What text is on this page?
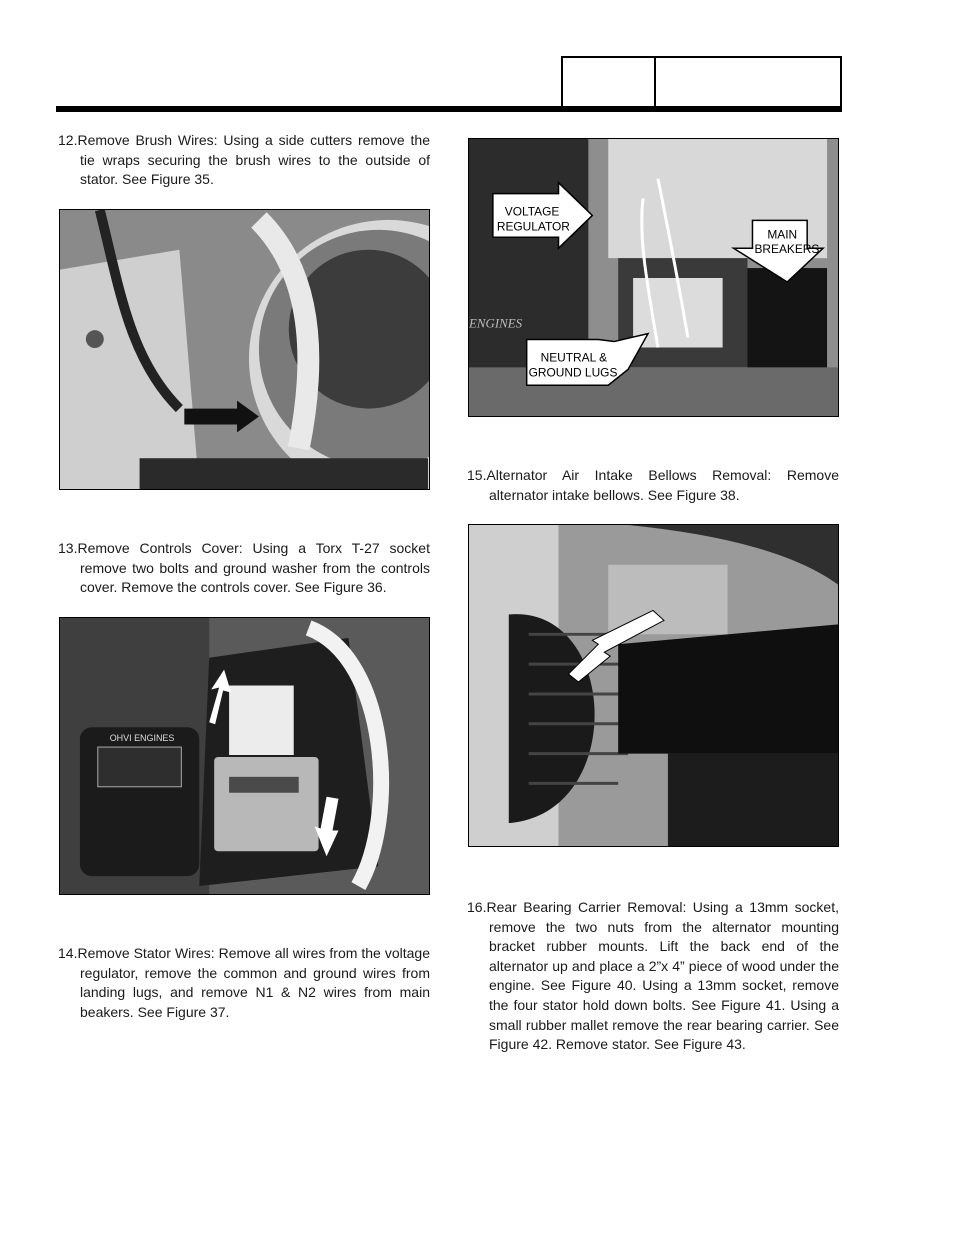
12.Remove Brush Wires: Using a side cutters remove the tie wraps securing the brush wires to the outside of stator. See Figure 35.

13.Remove Controls Cover: Using a Torx T-27 socket remove two bolts and ground washer from the controls cover. Remove the controls cover. See Figure 36.

OHVI ENGINES

14.Remove Stator Wires: Remove all wires from the voltage regulator, remove the common and ground wires from landing lugs, and remove N1 & N2 wires from main beakers. See Figure 37.

ENGINES
VOLTAGE
REGULATOR
MAIN
BREAKERS
NEUTRAL &
GROUND LUGS

15.Alternator Air Intake Bellows Removal: Remove alternator intake bellows. See Figure 38.

16.Rear Bearing Carrier Removal: Using a 13mm socket, remove the two nuts from the alternator mounting bracket rubber mounts. Lift the back end of the alternator up and place a 2”x 4” piece of wood under the engine. See Figure 40. Using a 13mm socket, remove the four stator hold down bolts. See Figure 41. Using a small rubber mallet remove the rear bearing carrier. See Figure 42. Remove stator. See Figure 43.
